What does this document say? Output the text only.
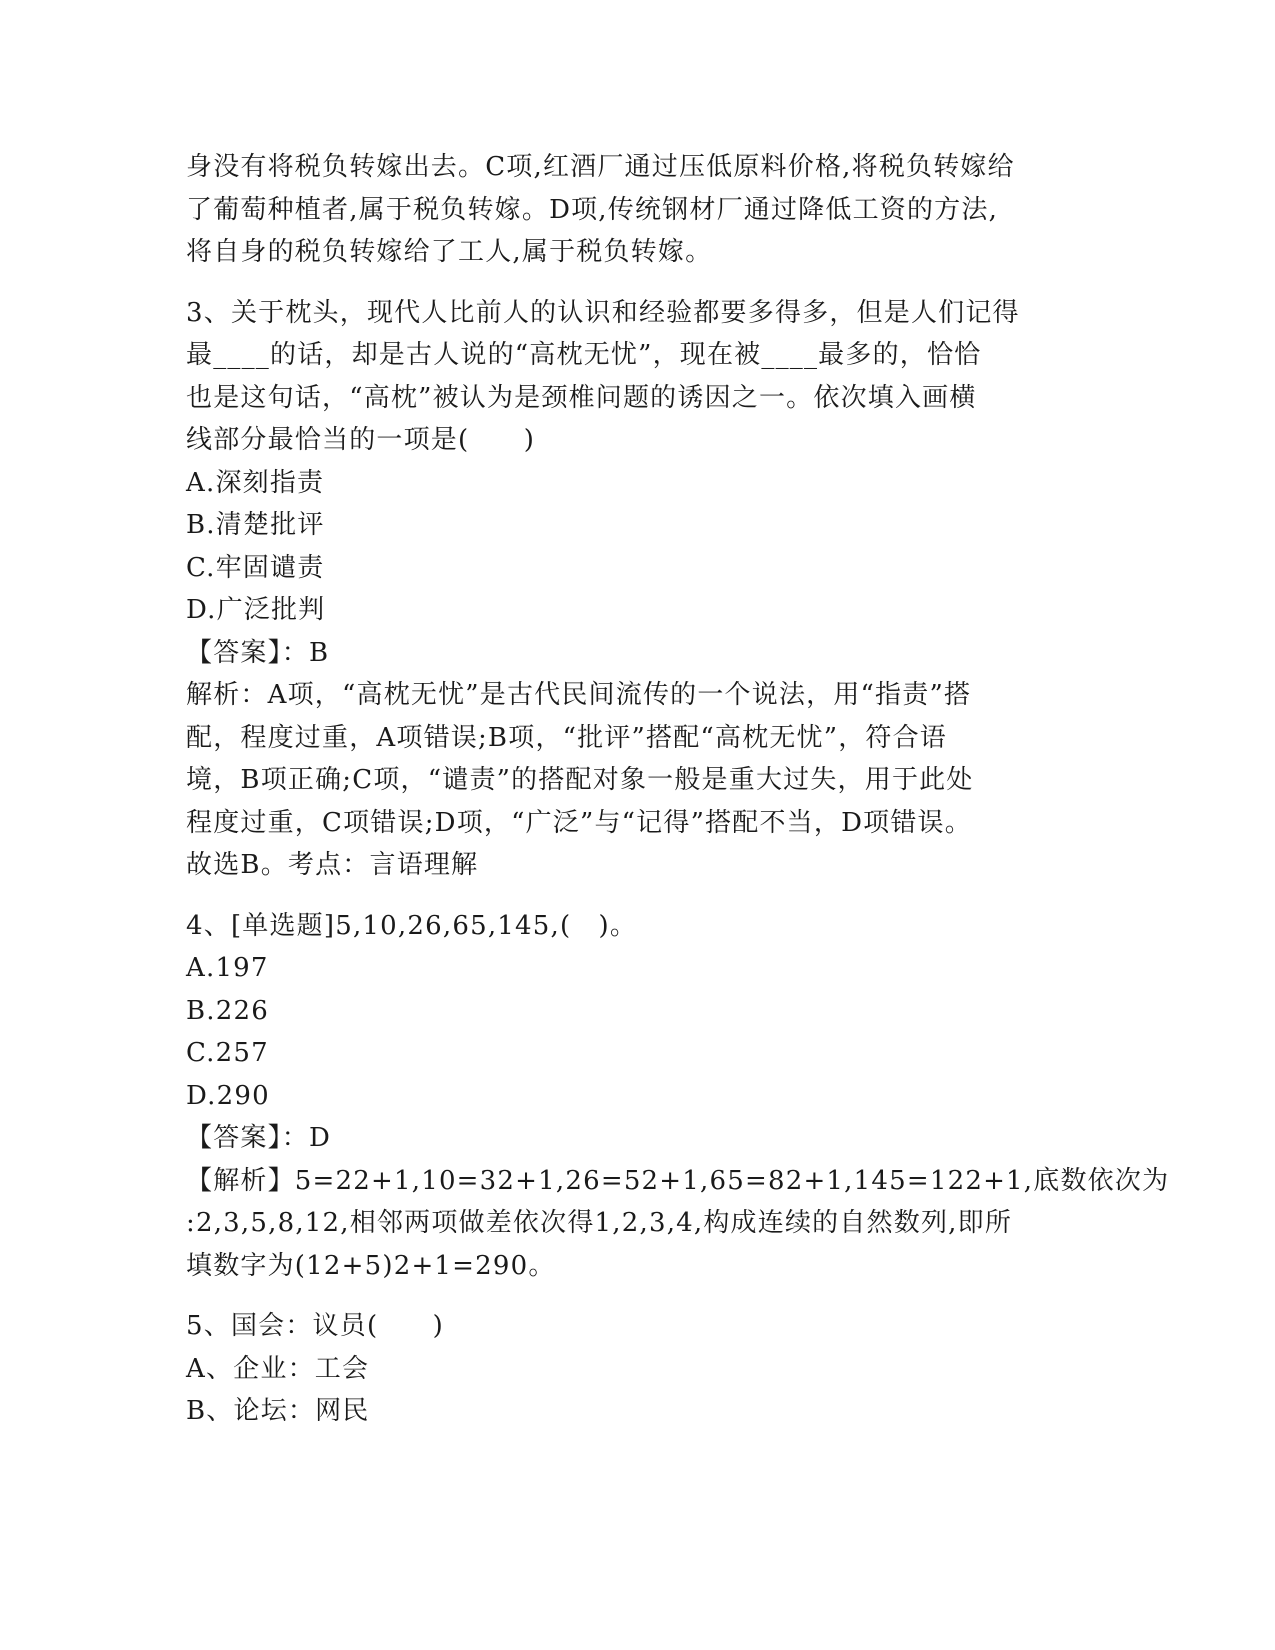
身没有将税负转嫁出去。C项,红酒厂通过压低原料价格,将税负转嫁给
了葡萄种植者,属于税负转嫁。D项,传统钢材厂通过降低工资的方法,
将自身的税负转嫁给了工人,属于税负转嫁。
3、关于枕头，现代人比前人的认识和经验都要多得多，但是人们记得
最____的话，却是古人说的“高枕无忧”，现在被____最多的，恰恰
也是这句话，“高枕”被认为是颈椎问题的诱因之一。依次填入画横
线部分最恰当的一项是(　　)
A.深刻指责
B.清楚批评
C.牢固谴责
D.广泛批判
【答案】：B
解析：A项，“高枕无忧”是古代民间流传的一个说法，用“指责”搭
配，程度过重，A项错误;B项，“批评”搭配“高枕无忧”，符合语
境，B项正确;C项，“谴责”的搭配对象一般是重大过失，用于此处
程度过重，C项错误;D项，“广泛”与“记得”搭配不当，D项错误。
故选B。考点：言语理解
4、[单选题]5,10,26,65,145,(　)。
A.197
B.226
C.257
D.290
【答案】：D
【解析】5=22+1,10=32+1,26=52+1,65=82+1,145=122+1,底数依次为
:2,3,5,8,12,相邻两项做差依次得1,2,3,4,构成连续的自然数列,即所
填数字为(12+5)2+1=290。
5、国会：议员(　　)
A、企业：工会
B、论坛：网民
